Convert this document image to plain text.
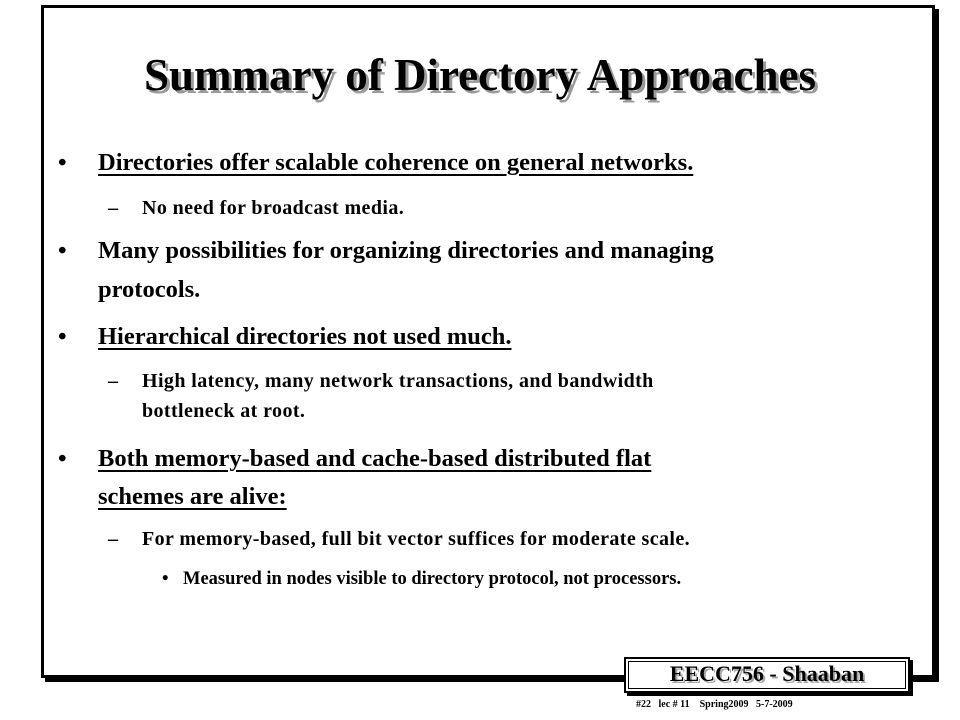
Summary of Directory Approaches
• Directories offer scalable coherence on general networks.
– No need for broadcast media.
• Many possibilities for organizing directories and managing
protocols.
• Hierarchical directories not used much.
– High latency, many network transactions, and bandwidth
bottleneck at root.
• Both memory-based and cache-based distributed flat
schemes are alive:
– For memory-based, full bit vector suffices for moderate scale.
• Measured in nodes visible to directory protocol, not processors.
EECC756 - Shaaban
#22   lec # 11    Spring2009   5-7-2009
